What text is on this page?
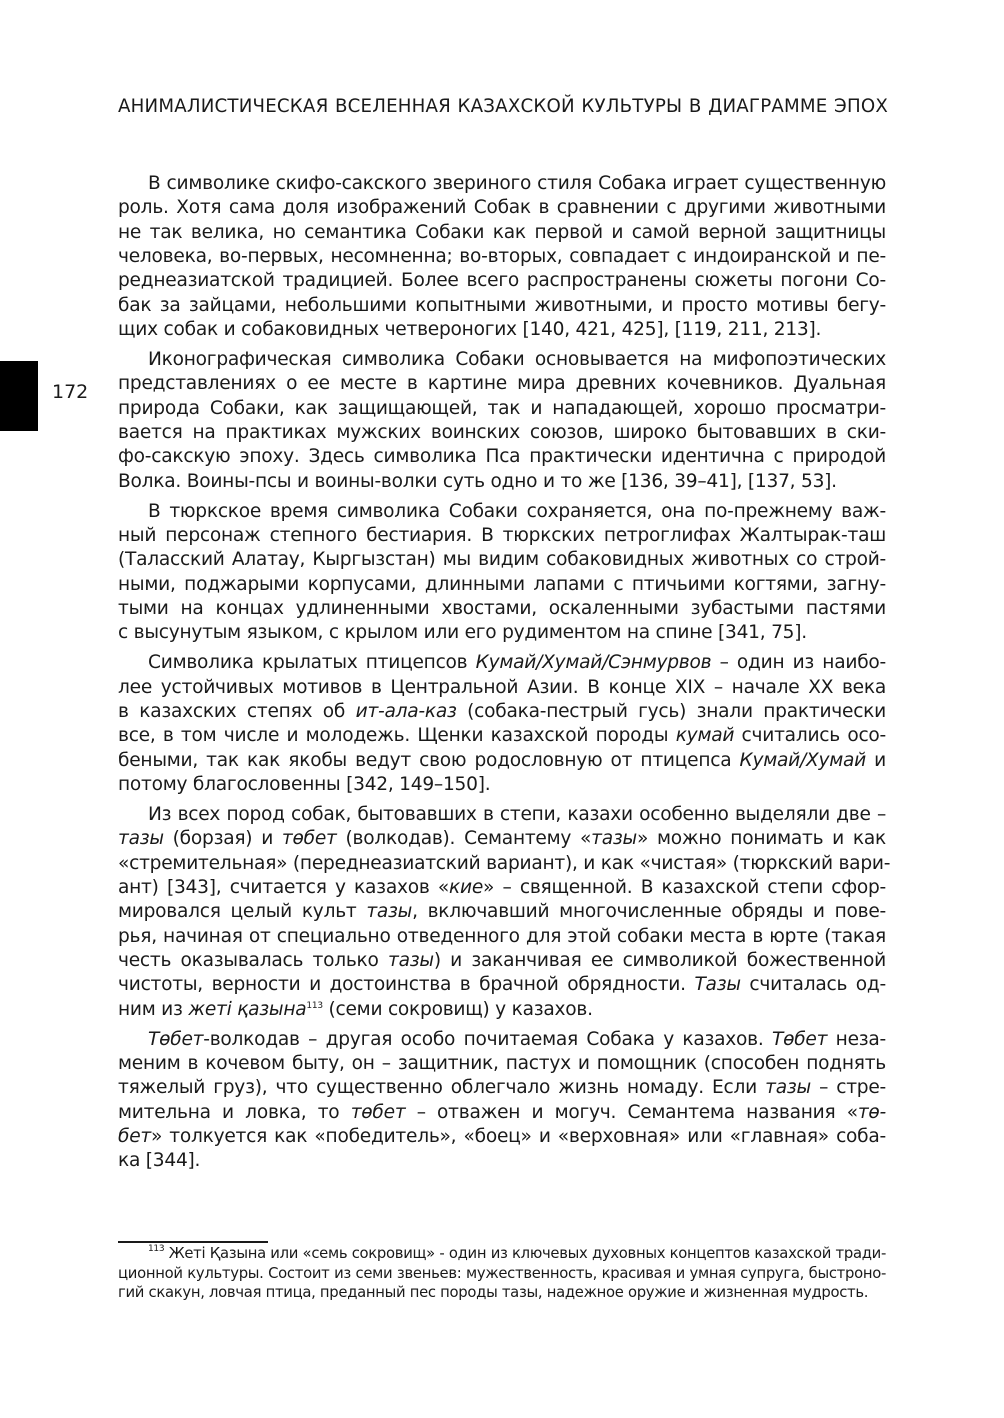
АНИМАЛИСТИЧЕСКАЯ ВСЕЛЕННАЯ КАЗАХСКОЙ КУЛЬТУРЫ В ДИАГРАММЕ ЭПОХ
172

В символике скифо-сакского звериного стиля Собака играет существенную
роль. Хотя сама доля изображений Собак в сравнении с другими животными
не так велика, но семантика Собаки как первой и самой верной защитницы
человека, во-первых, несомненна; во-вторых, совпадает с индоиранской и пе-
реднеазиатской традицией. Более всего распространены сюжеты погони Со-
бак за зайцами, небольшими копытными животными, и просто мотивы бегу-
щих собак и собаковидных четвероногих [140, 421, 425], [119, 211, 213].

Иконографическая символика Собаки основывается на мифопоэтических
представлениях о ее месте в картине мира древних кочевников. Дуальная
природа Собаки, как защищающей, так и нападающей, хорошо просматри-
вается на практиках мужских воинских союзов, широко бытовавших в ски-
фо-сакскую эпоху. Здесь символика Пса практически идентична с природой
Волка. Воины-псы и воины-волки суть одно и то же [136, 39–41], [137, 53].

В тюркское время символика Собаки сохраняется, она по-прежнему важ-
ный персонаж степного бестиария. В тюркских петроглифах Жалтырак-таш
(Таласский Алатау, Кыргызстан) мы видим собаковидных животных со строй-
ными, поджарыми корпусами, длинными лапами с птичьими когтями, загну-
тыми на концах удлиненными хвостами, оскаленными зубастыми пастями
с высунутым языком, с крылом или его рудиментом на спине [341, 75].

Символика крылатых птицепсов Кумай/Хумай/Сэнмурвов – один из наибо-
лее устойчивых мотивов в Центральной Азии. В конце XIX – начале XX века
в казахских степях об ит-ала-каз (собака-пестрый гусь) знали практически
все, в том числе и молодежь. Щенки казахской породы кумай считались осо-
беными, так как якобы ведут свою родословную от птицепса Кумай/Хумай и
потому благословенны [342, 149–150].

Из всех пород собак, бытовавших в степи, казахи особенно выделяли две –
тазы (борзая) и төбет (волкодав). Семантему «тазы» можно понимать и как
«стремительная» (переднеазиатский вариант), и как «чистая» (тюркский вари-
ант) [343], считается у казахов «кие» – священной. В казахской степи сфор-
мировался целый культ тазы, включавший многочисленные обряды и пове-
рья, начиная от специально отведенного для этой собаки места в юрте (такая
честь оказывалась только тазы) и заканчивая ее символикой божественной
чистоты, верности и достоинства в брачной обрядности. Тазы считалась од-
ним из жеті қазына$^{113}$ (семи сокровищ) у казахов.

Төбет-волкодав – другая особо почитаемая Собака у казахов. Төбет неза-
меним в кочевом быту, он – защитник, пастух и помощник (способен поднять
тяжелый груз), что существенно облегчало жизнь номаду. Если тазы – стре-
мительна и ловка, то төбет – отважен и могуч. Семантема названия «тө-
бет» толкуется как «победитель», «боец» и «верховная» или «главная» соба-
ка [344].

$^{113}$ Жеті Қазына или «семь сокровищ» - один из ключевых духовных концептов казахской тради-
ционной культуры. Состоит из семи звеньев: мужественность, красивая и умная супруга, быстроно-
гий скакун, ловчая птица, преданный пес породы тазы, надежное оружие и жизненная мудрость.
